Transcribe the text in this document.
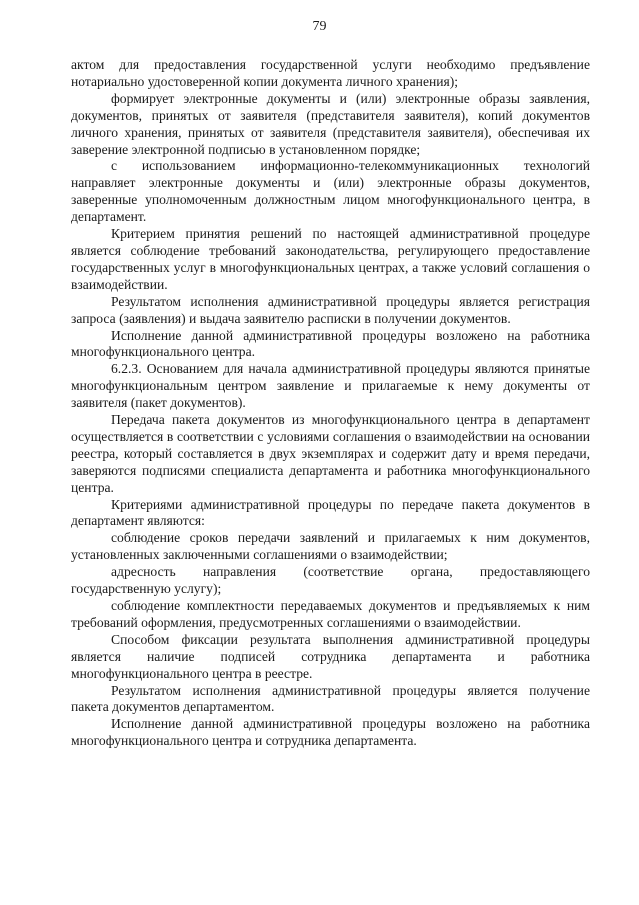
79

актом для предоставления государственной услуги необходимо предъявление нотариально удостоверенной копии документа личного хранения);

формирует электронные документы и (или) электронные образы заявления, документов, принятых от заявителя (представителя заявителя), копий документов личного хранения, принятых от заявителя (представителя заявителя), обеспечивая их заверение электронной подписью в установленном порядке;

с использованием информационно-телекоммуникационных технологий направляет электронные документы и (или) электронные образы документов, заверенные уполномоченным должностным лицом многофункционального центра, в департамент.

Критерием принятия решений по настоящей административной процедуре является соблюдение требований законодательства, регулирующего предоставление государственных услуг в многофункциональных центрах, а также условий соглашения о взаимодействии.

Результатом исполнения административной процедуры является регистрация запроса (заявления) и выдача заявителю расписки в получении документов.

Исполнение данной административной процедуры возложено на работника многофункционального центра.

6.2.3. Основанием для начала административной процедуры являются принятые многофункциональным центром заявление и прилагаемые к нему документы от заявителя (пакет документов).

Передача пакета документов из многофункционального центра в департамент осуществляется в соответствии с условиями соглашения о взаимодействии на основании реестра, который составляется в двух экземплярах и содержит дату и время передачи, заверяются подписями специалиста департамента и работника многофункционального центра.

Критериями административной процедуры по передаче пакета документов в департамент являются:

соблюдение сроков передачи заявлений и прилагаемых к ним документов, установленных заключенными соглашениями о взаимодействии;

адресность направления (соответствие органа, предоставляющего государственную услугу);

соблюдение комплектности передаваемых документов и предъявляемых к ним требований оформления, предусмотренных соглашениями о взаимодействии.

Способом фиксации результата выполнения административной процедуры является наличие подписей сотрудника департамента и работника многофункционального центра в реестре.

Результатом исполнения административной процедуры является получение пакета документов департаментом.

Исполнение данной административной процедуры возложено на работника многофункционального центра и сотрудника департамента.
